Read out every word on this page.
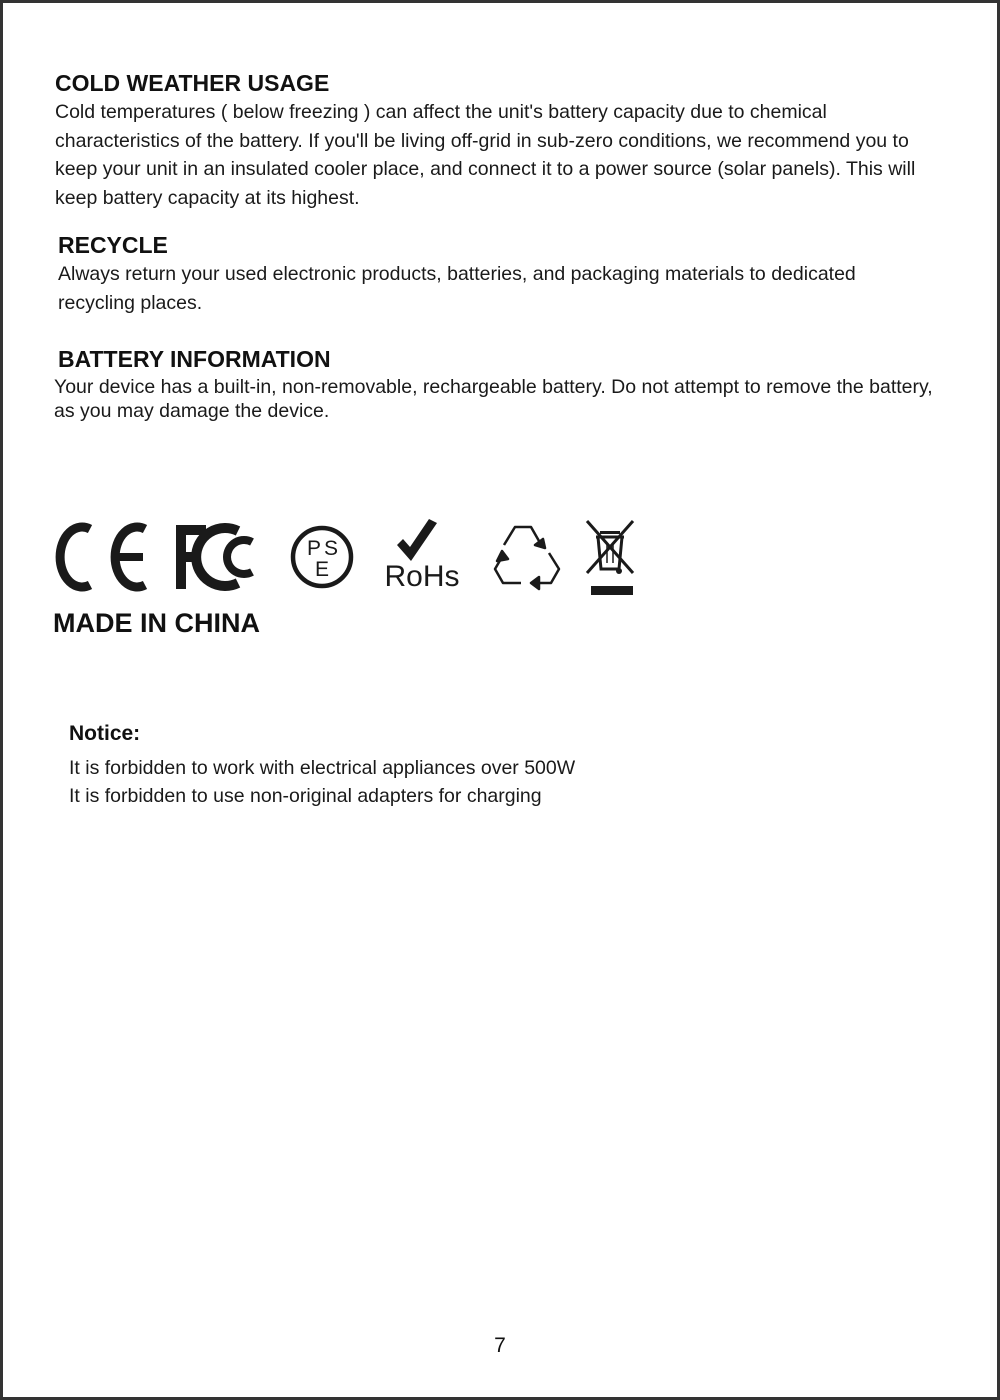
COLD WEATHER USAGE

Cold temperatures ( below freezing ) can affect the unit's battery capacity due to chemical characteristics of the battery. If you'll be living off-grid in sub-zero conditions, we recommend you to keep your unit in an insulated cooler place, and connect it to a power source (solar panels). This will keep battery capacity at its highest.

RECYCLE

Always return your used electronic products, batteries, and packaging materials to dedicated recycling places.

BATTERY INFORMATION

Your device has a built-in, non-removable, rechargeable battery. Do not attempt to remove the battery, as you may damage the device.

P S
E RoHs

MADE IN CHINA

Notice:

It is forbidden to work with electrical appliances over 500W

It is forbidden to use non-original adapters for charging

7
